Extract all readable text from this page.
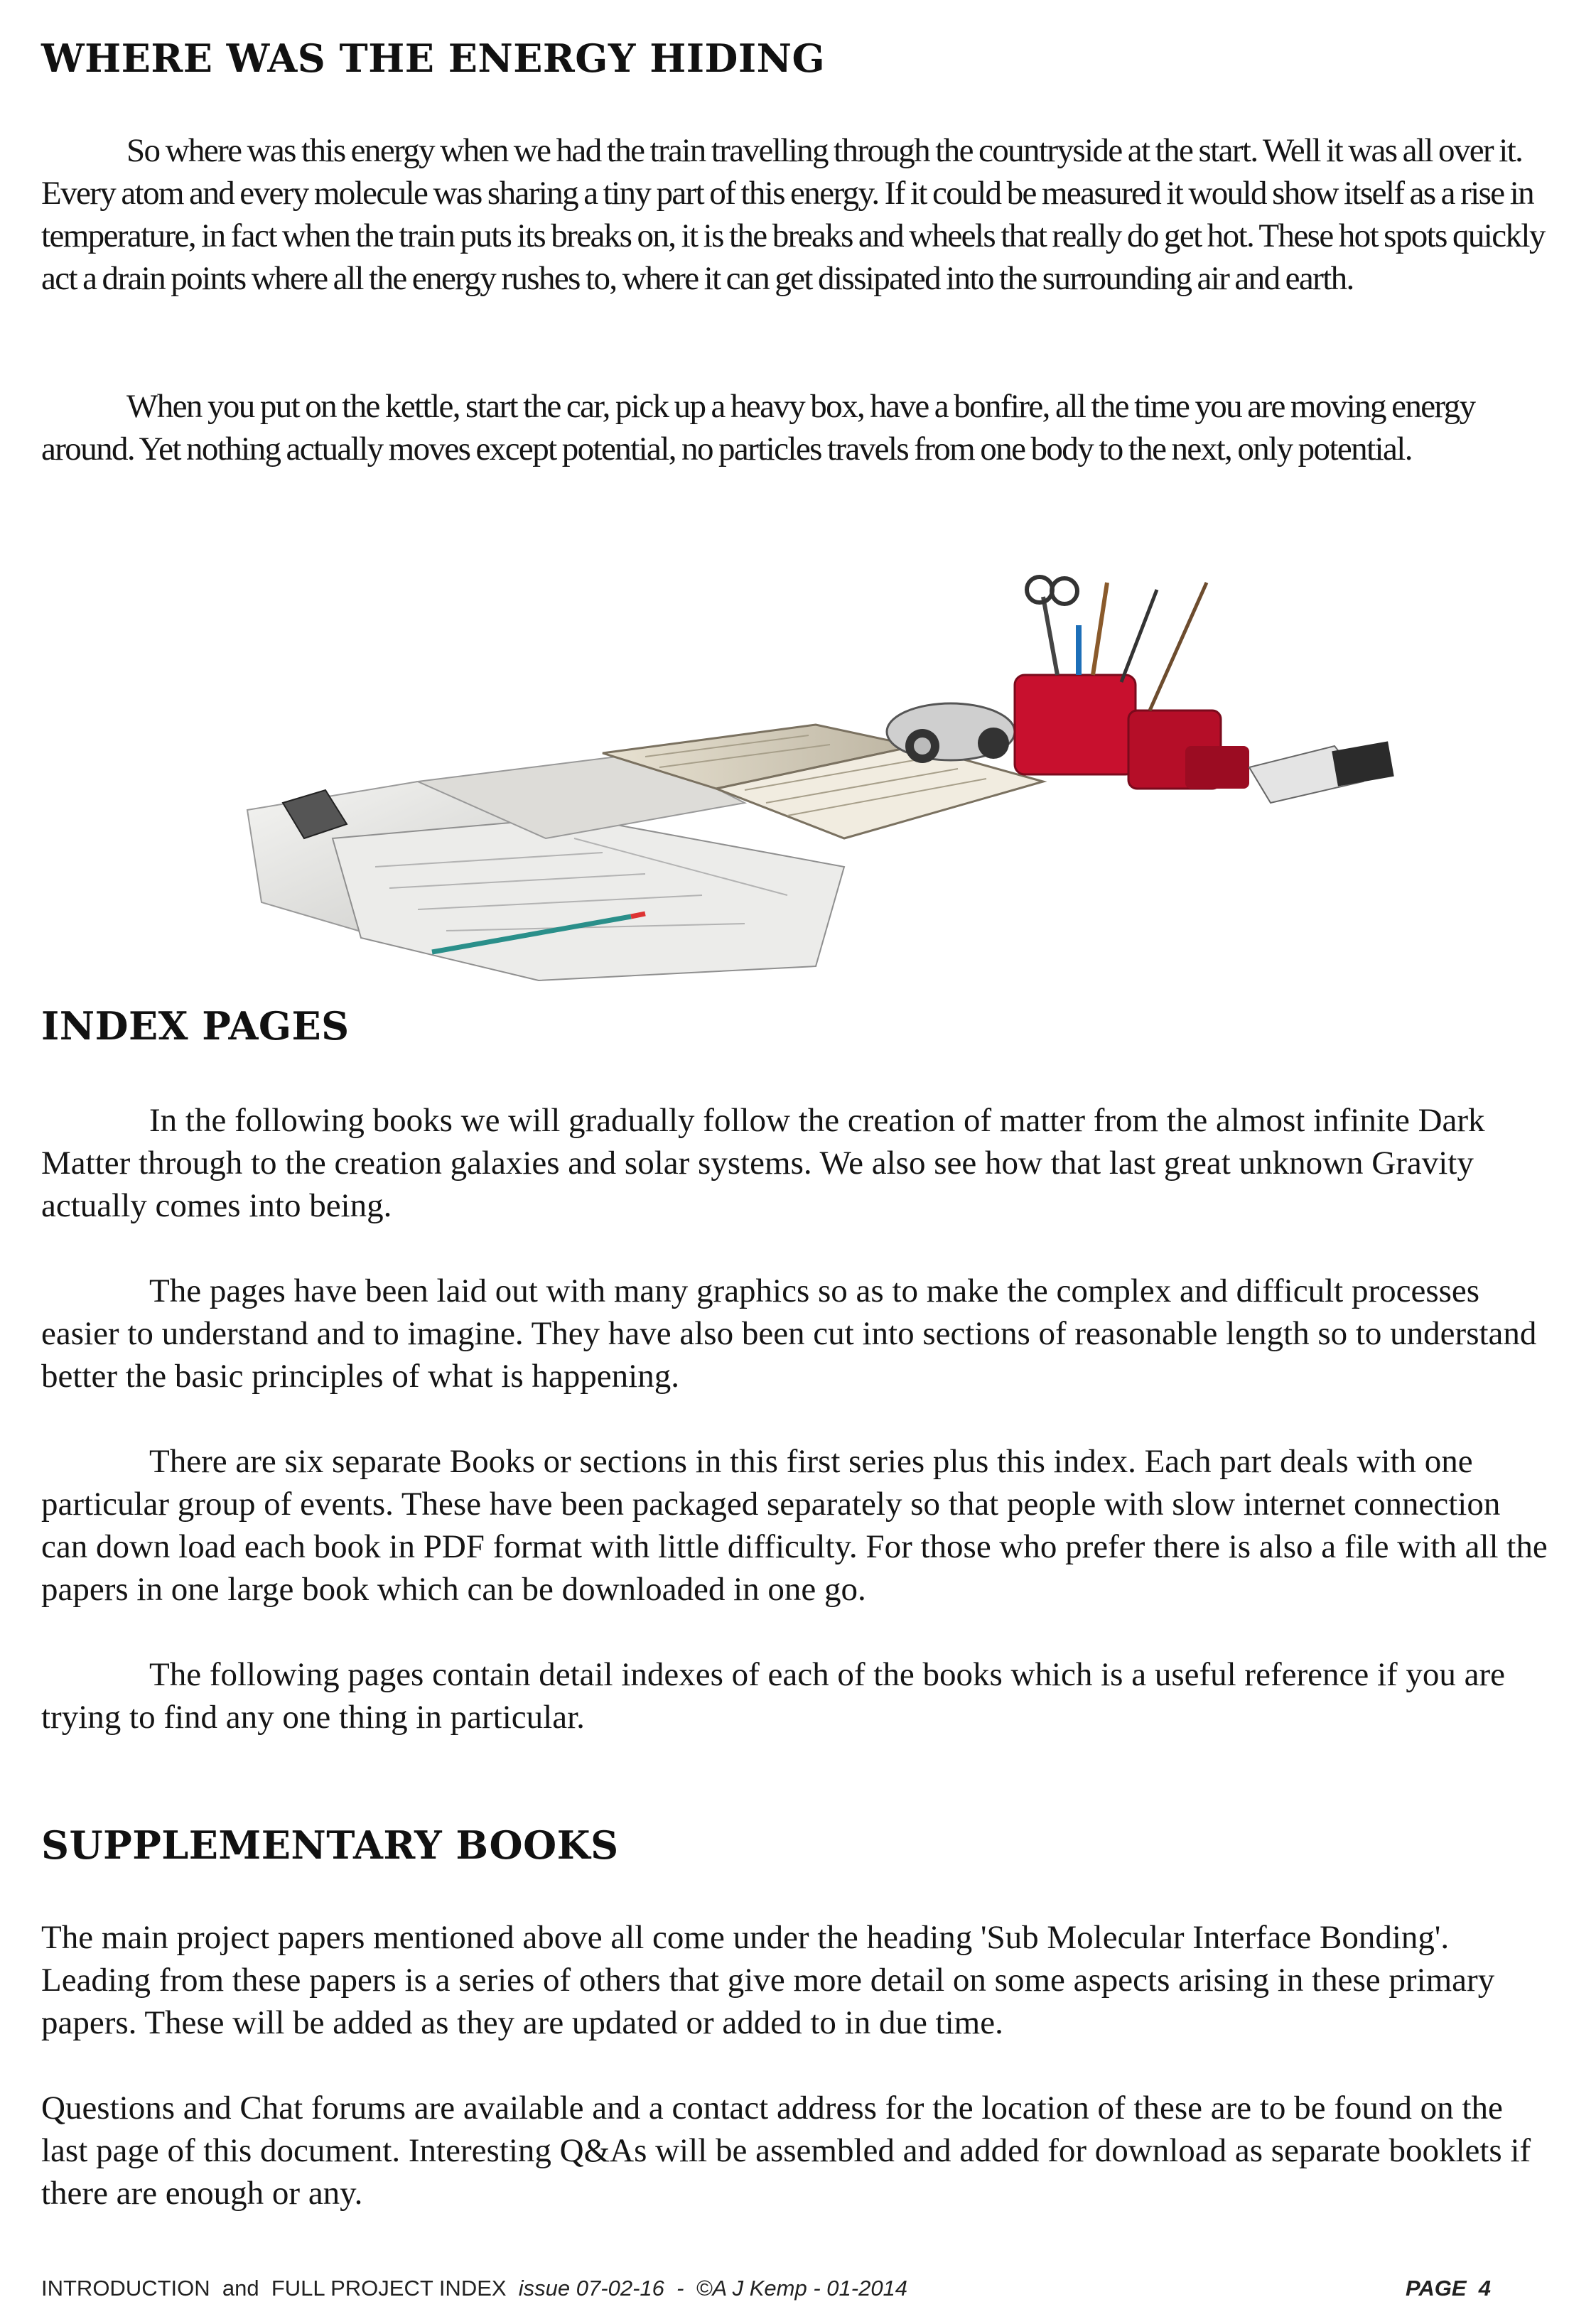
WHERE WAS THE ENERGY HIDING

So where was this energy when we had the train travelling through the countryside at the start. Well it was all over it. Every atom and every molecule was sharing a tiny part of this energy. If it could be measured it would show itself as a rise in temperature, in fact when the train puts its breaks on, it is the breaks and wheels that really do get hot. These hot spots quickly act a drain points where all the energy rushes to, where it can get dissipated into the surrounding air and earth.

When you put on the kettle, start the car, pick up a heavy box, have a bonfire, all the time you are moving energy around. Yet nothing actually moves except potential, no particles travels from one body to the next, only potential.

INDEX PAGES

In the following books we will gradually follow the creation of matter from the almost infinite Dark Matter through to the creation galaxies and solar systems. We also see how that last great unknown Gravity actually comes into being.

The pages have been laid out with many graphics so as to make the complex and difficult processes easier to understand and to imagine. They have also been cut into sections of reasonable length so to understand better the basic principles of what is happening.

There are six separate Books or sections in this first series plus this index. Each part deals with one particular group of events. These have been packaged separately so that people with slow internet connection can down load each book in PDF format with little difficulty. For those who prefer there is also a file with all the papers in one large book which can be downloaded in one go.

The following pages contain detail indexes of each of the books which is a useful reference if you are trying to find any one thing in particular.

SUPPLEMENTARY BOOKS

The main project papers mentioned above all come under the heading 'Sub Molecular Interface Bonding'. Leading from these papers is a series of others that give more detail on some aspects arising in these primary papers. These will be added as they are updated or added to in due time.

Questions and Chat forums are available and a contact address for the location of these are to be found on the last page of this document. Interesting Q&As will be assembled and added for download as separate booklets if there are enough or any.

INTRODUCTION  and  FULL PROJECT INDEX  issue 07-02-16  -  ©A J Kemp - 01-2014	PAGE  4
